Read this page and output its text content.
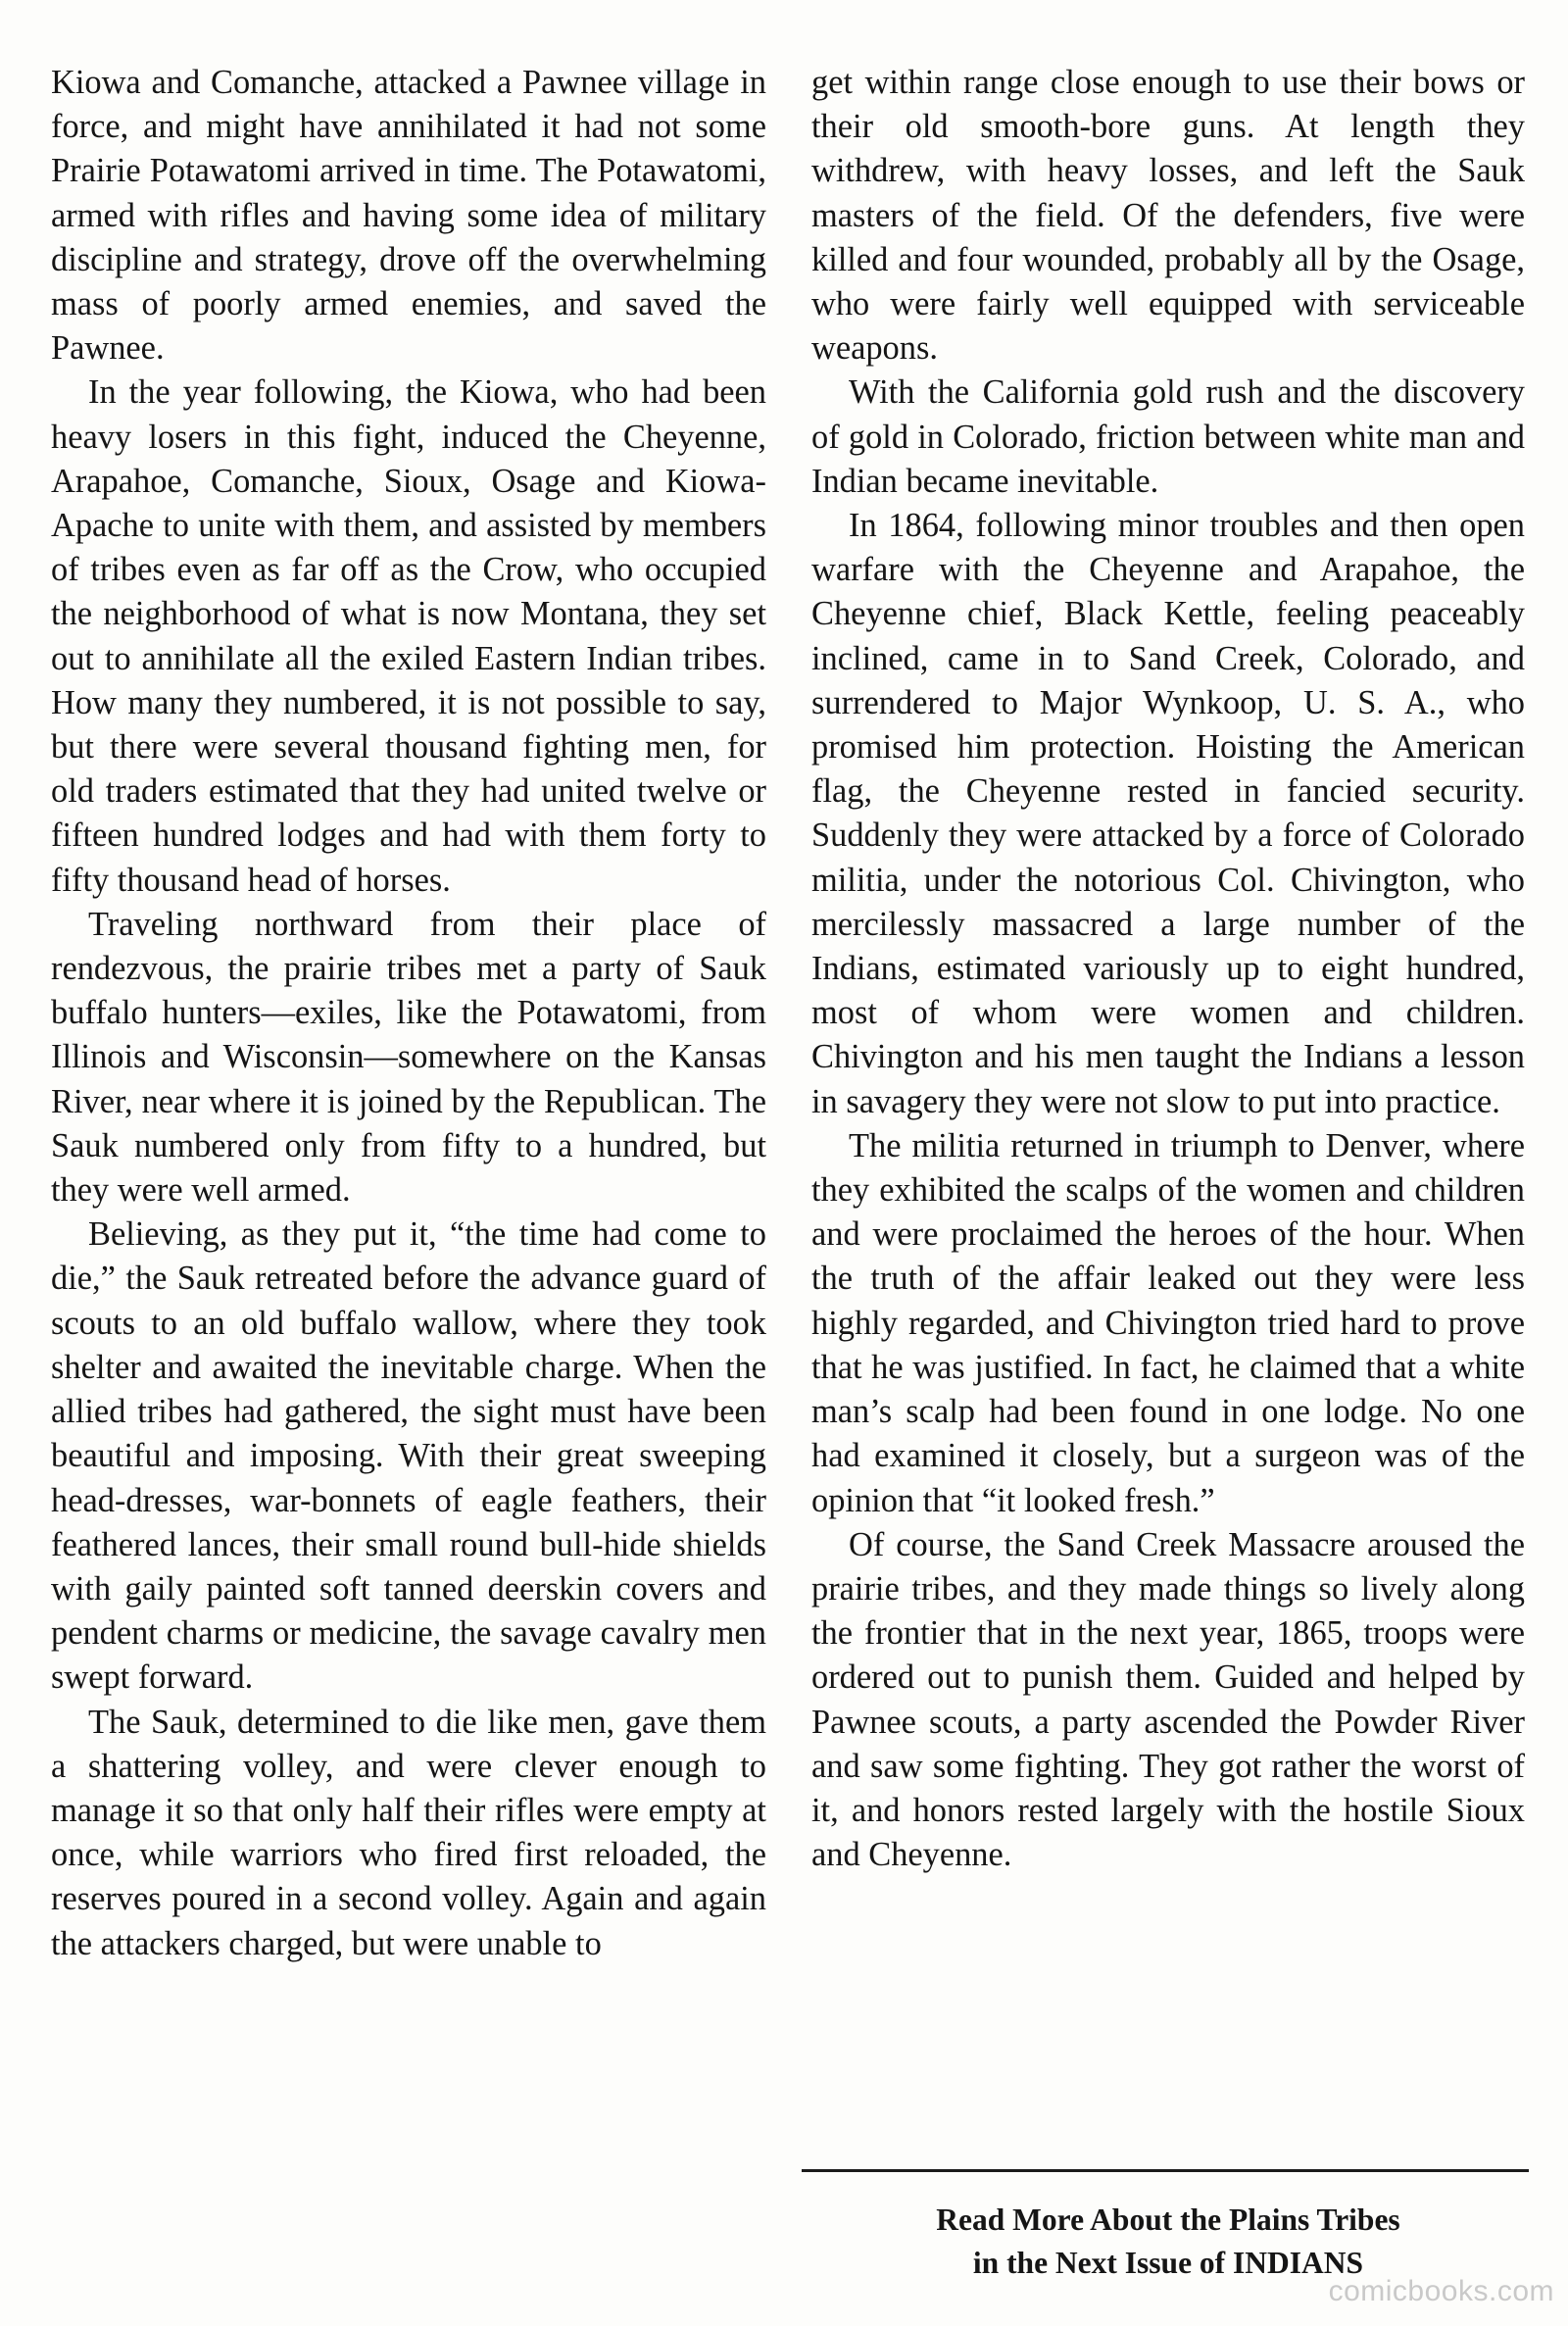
Kiowa and Comanche, attacked a Pawnee village in force, and might have annihilated it had not some Prairie Potawatomi arrived in time. The Potawatomi, armed with rifles and having some idea of military discipline and strategy, drove off the overwhelming mass of poorly armed enemies, and saved the Pawnee.

In the year following, the Kiowa, who had been heavy losers in this fight, induced the Cheyenne, Arapahoe, Comanche, Sioux, Osage and Kiowa-Apache to unite with them, and assisted by members of tribes even as far off as the Crow, who occupied the neighborhood of what is now Montana, they set out to annihilate all the exiled Eastern Indian tribes. How many they numbered, it is not possible to say, but there were several thousand fighting men, for old traders estimated that they had united twelve or fifteen hundred lodges and had with them forty to fifty thousand head of horses.

Traveling northward from their place of rendezvous, the prairie tribes met a party of Sauk buffalo hunters—exiles, like the Potawatomi, from Illinois and Wisconsin—somewhere on the Kansas River, near where it is joined by the Republican. The Sauk numbered only from fifty to a hundred, but they were well armed.

Believing, as they put it, “the time had come to die,” the Sauk retreated before the advance guard of scouts to an old buffalo wallow, where they took shelter and awaited the inevitable charge. When the allied tribes had gathered, the sight must have been beautiful and imposing. With their great sweeping head-dresses, war-bonnets of eagle feathers, their feathered lances, their small round bull-hide shields with gaily painted soft tanned deerskin covers and pendent charms or medicine, the savage cavalry men swept forward.

The Sauk, determined to die like men, gave them a shattering volley, and were clever enough to manage it so that only half their rifles were empty at once, while warriors who fired first reloaded, the reserves poured in a second volley. Again and again the attackers charged, but were unable to

get within range close enough to use their bows or their old smooth-bore guns. At length they withdrew, with heavy losses, and left the Sauk masters of the field. Of the defenders, five were killed and four wounded, probably all by the Osage, who were fairly well equipped with serviceable weapons.

With the California gold rush and the discovery of gold in Colorado, friction between white man and Indian became inevitable.

In 1864, following minor troubles and then open warfare with the Cheyenne and Arapahoe, the Cheyenne chief, Black Kettle, feeling peaceably inclined, came in to Sand Creek, Colorado, and surrendered to Major Wynkoop, U. S. A., who promised him protection. Hoisting the American flag, the Cheyenne rested in fancied security. Suddenly they were attacked by a force of Colorado militia, under the notorious Col. Chivington, who mercilessly massacred a large number of the Indians, estimated variously up to eight hundred, most of whom were women and children. Chivington and his men taught the Indians a lesson in savagery they were not slow to put into practice.

The militia returned in triumph to Denver, where they exhibited the scalps of the women and children and were proclaimed the heroes of the hour. When the truth of the affair leaked out they were less highly regarded, and Chivington tried hard to prove that he was justified. In fact, he claimed that a white man’s scalp had been found in one lodge. No one had examined it closely, but a surgeon was of the opinion that “it looked fresh.”

Of course, the Sand Creek Massacre aroused the prairie tribes, and they made things so lively along the frontier that in the next year, 1865, troops were ordered out to punish them. Guided and helped by Pawnee scouts, a party ascended the Powder River and saw some fighting. They got rather the worst of it, and honors rested largely with the hostile Sioux and Cheyenne.

Read More About the Plains Tribes
in the Next Issue of INDIANS
comicbooks.com
